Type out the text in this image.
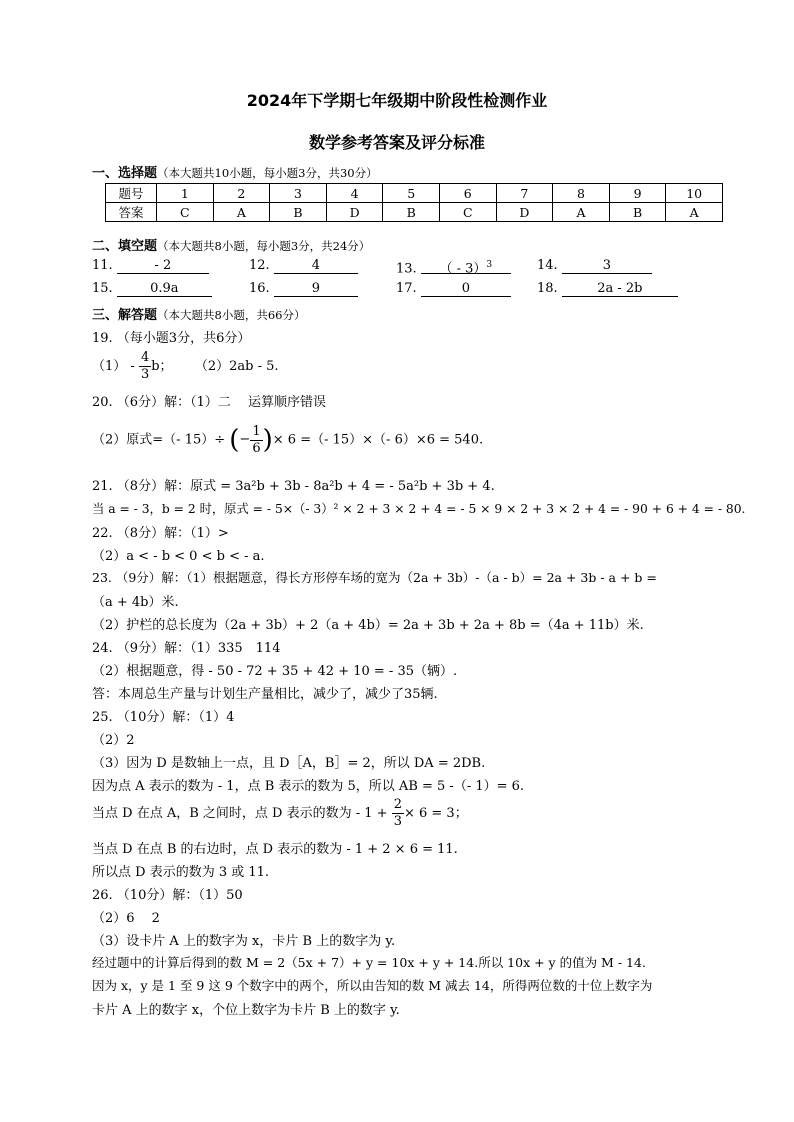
2024年下学期七年级期中阶段性检测作业
数学参考答案及评分标准
一、选择题（本大题共10小题，每小题3分，共30分）
题号	1	2	3	4	5	6	7	8	9	10
答案	C	A	B	D	B	C	D	A	B	A
二、填空题（本大题共8小题，每小题3分，共24分）
11.	- 2	12.	4	13. （ - 3）$^3$	14.	3
15.	0.9a	16.	9	17.	0	18.	2a - 2b
三、解答题（本大题共8小题，共66分）
19. （每小题3分，共6分）
$(1) - \frac{4}{3}$ b； （2）2ab - 5.
20. （6分）解：（1）二　 运算顺序错误
（2）原式=（- 15）÷ (− $\frac{1}{6}$ )× 6 =（- 15）×（- 6）×6 = 540.
21. （8分）解：原式 = 3a²b + 3b - 8a²b + 4 = - 5a²b + 3b + 4.
当 a = - 3，b = 2 时，原式 = - 5×（- 3）² × 2 + 3 × 2 + 4 = - 5 × 9 × 2 + 3 × 2 + 4 = - 90 + 6 + 4 = - 80.
22. （8分）解：（1）>
（2）a < - b < 0 < b < - a.
23. （9分）解：（1）根据题意，得长方形停车场的宽为（2a + 3b）-（a - b）= 2a + 3b - a + b =
（a + 4b）米.
（2）护栏的总长度为（2a + 3b）+ 2（a + 4b）= 2a + 3b + 2a + 8b =（4a + 11b）米.
24. （9分）解：（1）335　114
（2）根据题意，得 - 50 - 72 + 35 + 42 + 10 = - 35（辆）.
答：本周总生产量与计划生产量相比，减少了，减少了35辆.
25. （10分）解：（1）4
（2）2
（3）因为 D 是数轴上一点，且 D［A，B］= 2，所以 DA = 2DB.
因为点 A 表示的数为 - 1，点 B 表示的数为 5，所以 AB = 5 -（- 1）= 6.
当点 D 在点 A，B 之间时，点 D 表示的数为 - $1 + \frac{2}{3} \times 6 = 3$；
当点 D 在点 B 的右边时，点 D 表示的数为 - 1 + 2 × 6 = 11.
所以点 D 表示的数为 3 或 11.
26. （10分）解：（1）50
（2）6　 2
（3）设卡片 A 上的数字为 x，卡片 B 上的数字为 y.
经过题中的计算后得到的数 M = 2（5x + 7）+ y = 10x + y + 14.所以 10x + y 的值为 M - 14.
因为 x，y 是 1 至 9 这 9 个数字中的两个，所以由告知的数 M 减去 14，所得两位数的十位上数字为
卡片 A 上的数字 x，个位上数字为卡片 B 上的数字 y.
